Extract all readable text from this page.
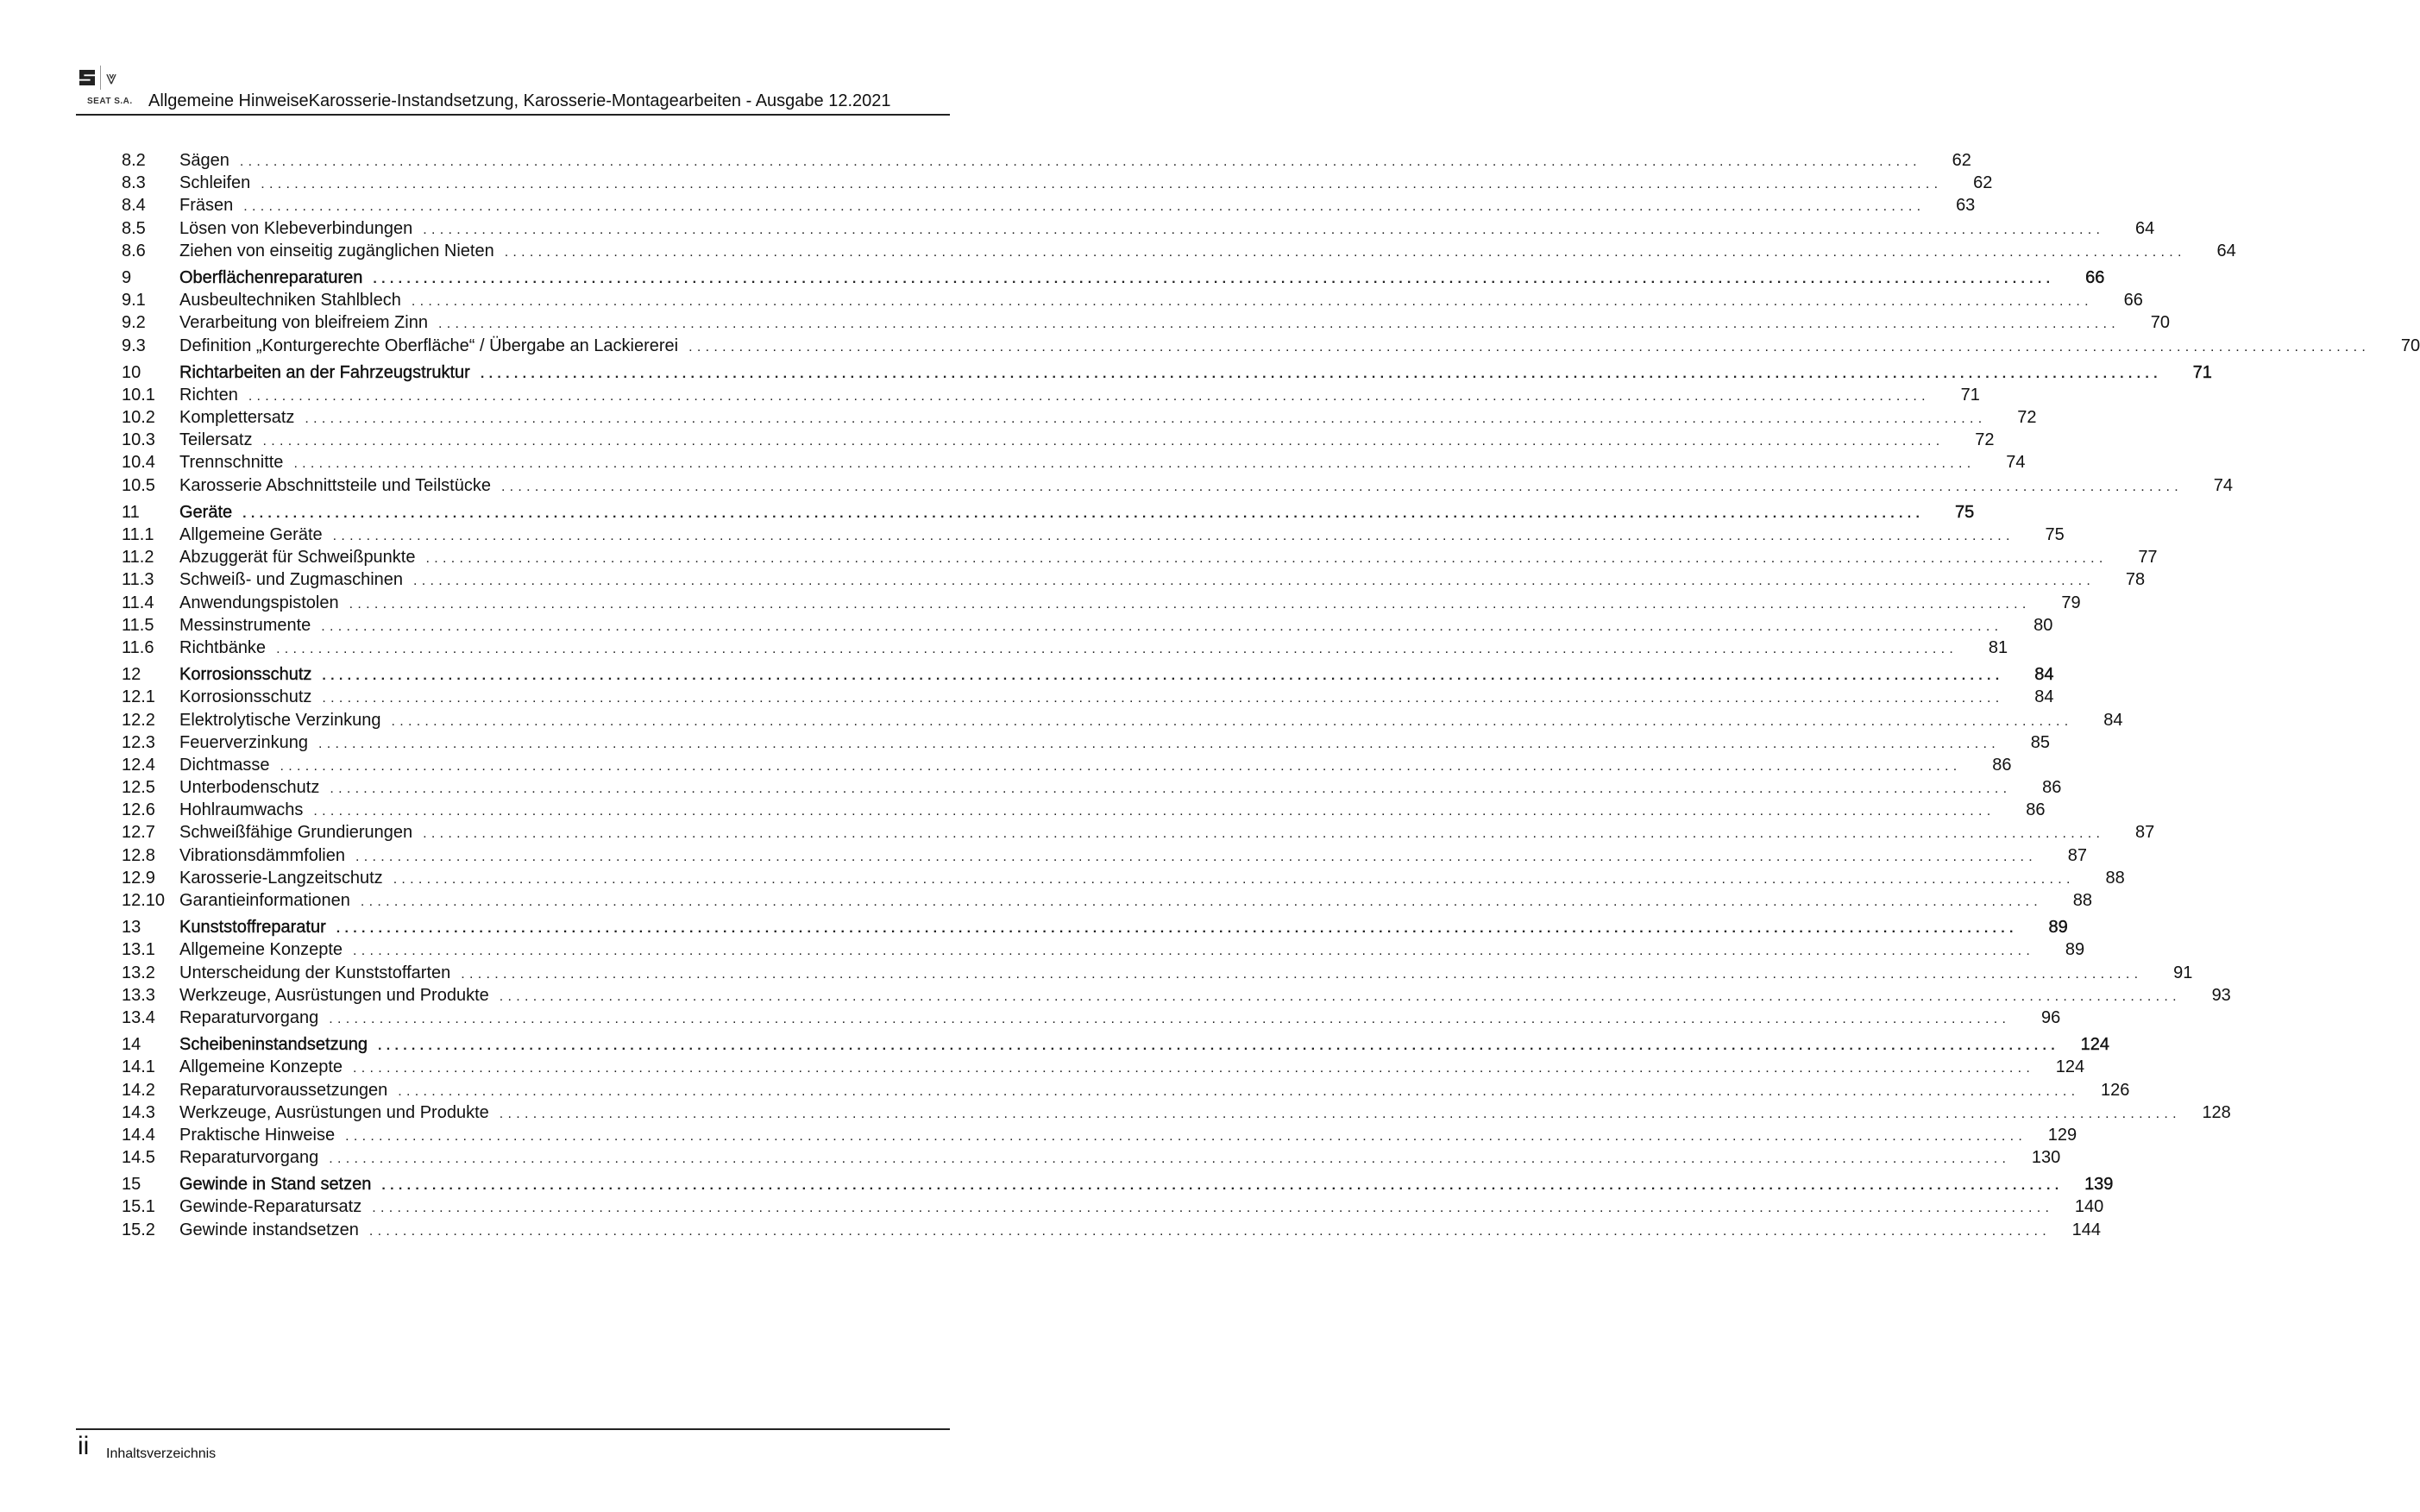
⩔
SEAT S.A. Allgemeine HinweiseKarosserie-Instandsetzung, Karosserie-Montagearbeiten - Ausgabe 12.2021
8.2	Sägen ........................................................................................................................................................................................................	62
8.3	Schleifen ........................................................................................................................................................................................................	62
8.4	Fräsen ........................................................................................................................................................................................................	63
8.5	Lösen von Klebeverbindungen ........................................................................................................................................................................................................	64
8.6	Ziehen von einseitig zugänglichen Nieten ........................................................................................................................................................................................................	64
9	Oberflächenreparaturen ........................................................................................................................................................................................................	66
9.1	Ausbeultechniken Stahlblech ........................................................................................................................................................................................................	66
9.2	Verarbeitung von bleifreiem Zinn ........................................................................................................................................................................................................	70
9.3	Definition „Konturgerechte Oberfläche“ / Übergabe an Lackiererei ........................................................................................................................................................................................................	70
10	Richtarbeiten an der Fahrzeugstruktur ........................................................................................................................................................................................................	71
10.1	Richten ........................................................................................................................................................................................................	71
10.2	Komplettersatz ........................................................................................................................................................................................................	72
10.3	Teilersatz ........................................................................................................................................................................................................	72
10.4	Trennschnitte ........................................................................................................................................................................................................	74
10.5	Karosserie Abschnittsteile und Teilstücke ........................................................................................................................................................................................................	74
11	Geräte ........................................................................................................................................................................................................	75
11.1	Allgemeine Geräte ........................................................................................................................................................................................................	75
11.2	Abzuggerät für Schweißpunkte ........................................................................................................................................................................................................	77
11.3	Schweiß- und Zugmaschinen ........................................................................................................................................................................................................	78
11.4	Anwendungspistolen ........................................................................................................................................................................................................	79
11.5	Messinstrumente ........................................................................................................................................................................................................	80
11.6	Richtbänke ........................................................................................................................................................................................................	81
12	Korrosionsschutz ........................................................................................................................................................................................................	84
12.1	Korrosionsschutz ........................................................................................................................................................................................................	84
12.2	Elektrolytische Verzinkung ........................................................................................................................................................................................................	84
12.3	Feuerverzinkung ........................................................................................................................................................................................................	85
12.4	Dichtmasse ........................................................................................................................................................................................................	86
12.5	Unterbodenschutz ........................................................................................................................................................................................................	86
12.6	Hohlraumwachs ........................................................................................................................................................................................................	86
12.7	Schweißfähige Grundierungen ........................................................................................................................................................................................................	87
12.8	Vibrationsdämmfolien ........................................................................................................................................................................................................	87
12.9	Karosserie-Langzeitschutz ........................................................................................................................................................................................................	88
12.10 Garantieinformationen ........................................................................................................................................................................................................	88
13	Kunststoffreparatur ........................................................................................................................................................................................................	89
13.1	Allgemeine Konzepte ........................................................................................................................................................................................................	89
13.2	Unterscheidung der Kunststoffarten ........................................................................................................................................................................................................	91
13.3	Werkzeuge, Ausrüstungen und Produkte ........................................................................................................................................................................................................	93
13.4	Reparaturvorgang ........................................................................................................................................................................................................	96
14	Scheibeninstandsetzung ........................................................................................................................................................................................................	124
14.1	Allgemeine Konzepte ........................................................................................................................................................................................................	124
14.2	Reparaturvoraussetzungen ........................................................................................................................................................................................................	126
14.3	Werkzeuge, Ausrüstungen und Produkte ........................................................................................................................................................................................................	128
14.4	Praktische Hinweise ........................................................................................................................................................................................................	129
14.5	Reparaturvorgang ........................................................................................................................................................................................................	130
15	Gewinde in Stand setzen ........................................................................................................................................................................................................	139
15.1	Gewinde-Reparatursatz ........................................................................................................................................................................................................	140
15.2	Gewinde instandsetzen ........................................................................................................................................................................................................	144
ii Inhaltsverzeichnis
